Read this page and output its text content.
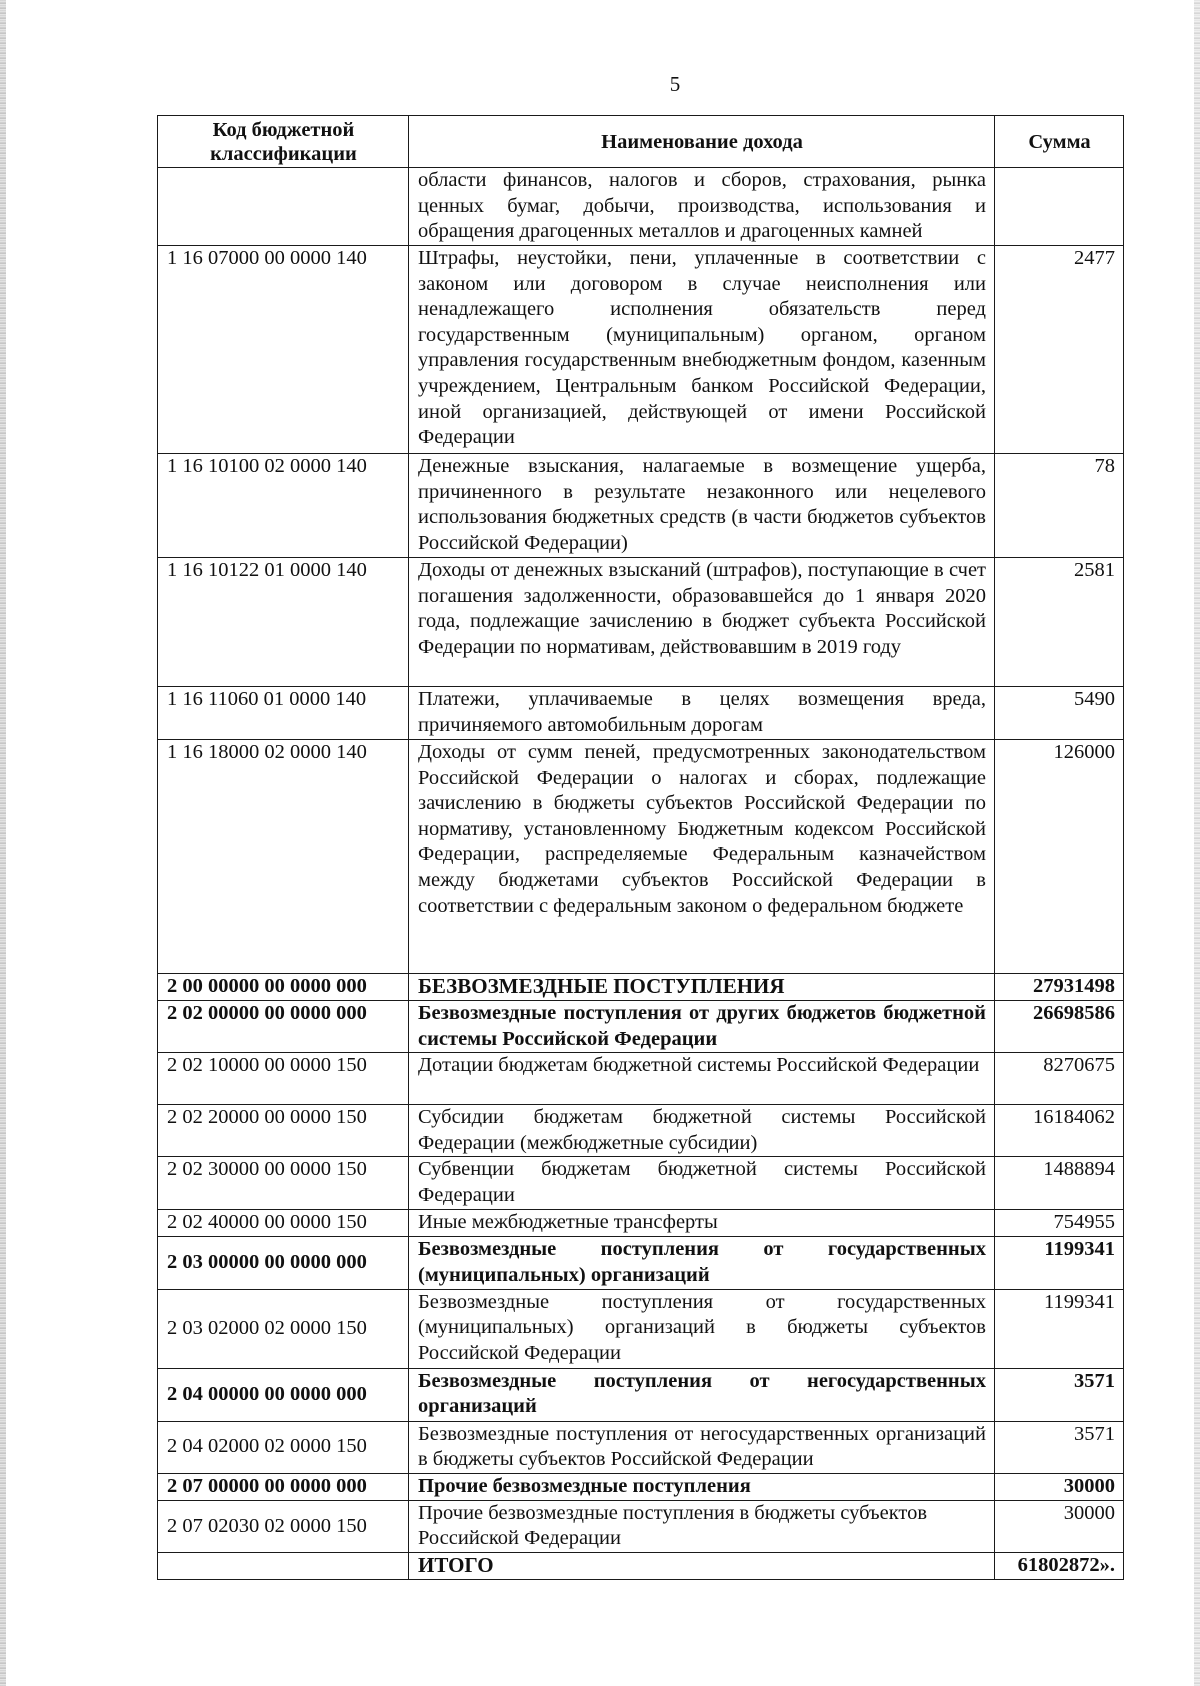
5
Код бюджетной классификации	Наименование дохода	Сумма
	области финансов, налогов и сборов, страхования, рынка ценных бумаг, добычи, производства, использования и обращения драгоценных металлов и драгоценных камней	
1 16 07000 00 0000 140	Штрафы, неустойки, пени, уплаченные в соответствии с законом или договором в случае неисполнения или ненадлежащего исполнения обязательств перед государственным (муниципальным) органом, органом управления государственным внебюджетным фондом, казенным учреждением, Центральным банком Российской Федерации, иной организацией, действующей от имени Российской Федерации	2477
1 16 10100 02 0000 140	Денежные взыскания, налагаемые в возмещение ущерба, причиненного в результате незаконного или нецелевого использования бюджетных средств (в части бюджетов субъектов Российской Федерации)	78
1 16 10122 01 0000 140	Доходы от денежных взысканий (штрафов), поступающие в счет погашения задолженности, образовавшейся до 1 января 2020 года, подлежащие зачислению в бюджет субъекта Российской Федерации по нормативам, действовавшим в 2019 году	2581
1 16 11060 01 0000 140	Платежи, уплачиваемые в целях возмещения вреда, причиняемого автомобильным дорогам	5490
1 16 18000 02 0000 140	Доходы от сумм пеней, предусмотренных законодательством Российской Федерации о налогах и сборах, подлежащие зачислению в бюджеты субъектов Российской Федерации по нормативу, установленному Бюджетным кодексом Российской Федерации, распределяемые Федеральным казначейством между бюджетами субъектов Российской Федерации в соответствии с федеральным законом о федеральном бюджете	126000
2 00 00000 00 0000 000	БЕЗВОЗМЕЗДНЫЕ ПОСТУПЛЕНИЯ	27931498
2 02 00000 00 0000 000	Безвозмездные поступления от других бюджетов бюджетной системы Российской Федерации	26698586
2 02 10000 00 0000 150	Дотации бюджетам бюджетной системы Российской Федерации	8270675
2 02 20000 00 0000 150	Субсидии бюджетам бюджетной системы Российской Федерации (межбюджетные субсидии)	16184062
2 02 30000 00 0000 150	Субвенции бюджетам бюджетной системы Российской Федерации	1488894
2 02 40000 00 0000 150	Иные межбюджетные трансферты	754955
2 03 00000 00 0000 000	Безвозмездные поступления от государственных (муниципальных) организаций	1199341
2 03 02000 02 0000 150	Безвозмездные поступления от государственных (муниципальных) организаций в бюджеты субъектов Российской Федерации	1199341
2 04 00000 00 0000 000	Безвозмездные поступления от негосударственных организаций	3571
2 04 02000 02 0000 150	Безвозмездные поступления от негосударственных организаций в бюджеты субъектов Российской Федерации	3571
2 07 00000 00 0000 000	Прочие безвозмездные поступления	30000
2 07 02030 02 0000 150	Прочие безвозмездные поступления в бюджеты субъектов Российской Федерации	30000
	ИТОГО	61802872».
